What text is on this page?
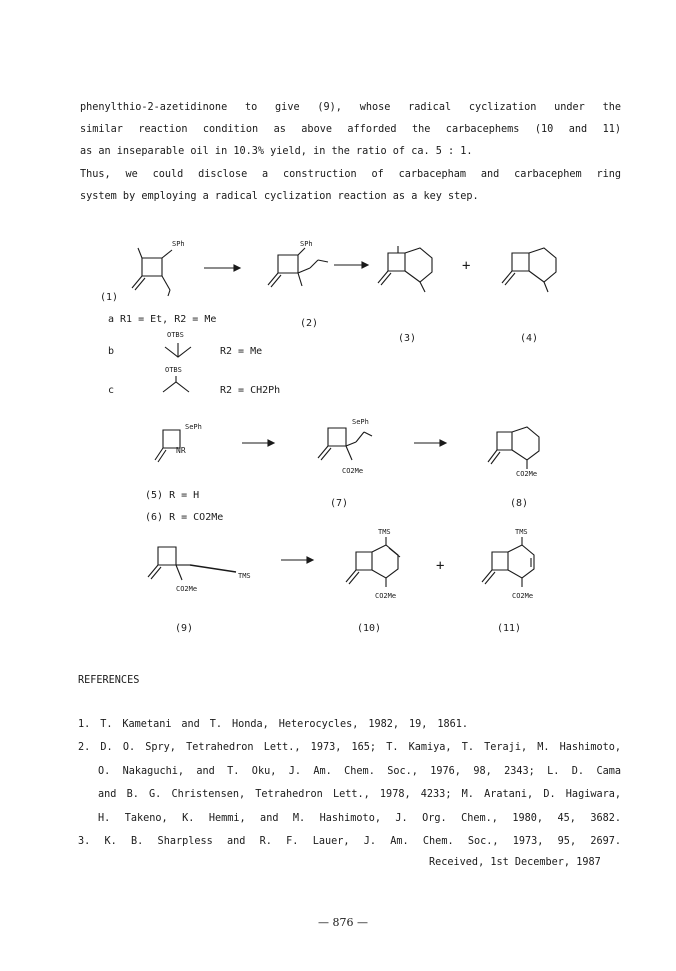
phenylthio-2-azetidinone to give (9), whose radical cyclization under the
similar reaction condition as above afforded the carbacephems (10 and 11)
as an inseparable oil in 10.3% yield, in the ratio of ca. 5 : 1.
Thus, we could disclose a construction of carbacepham and carbacephem ring
system by employing a radical cyclization reaction as a key step.
(1)
(2)
(3)	(4)
a R1 = Et, R2 = Me
b
OTBS
R2 = Me
c
OTBS
R2 = CH2Ph
SPh	SPh
SePh
SePh
NR
TMS
TMS	TMS
CO2Me	CO2Me
CO2Me
CO2Me	CO2Me
+
+
(5) R = H
(6) R = CO2Me
(7)	(8)
(9)	(10)	(11)
REFERENCES
1. T. Kametani and T. Honda, Heterocycles, 1982, 19, 1861.
2. D. O. Spry, Tetrahedron Lett., 1973, 165; T. Kamiya, T. Teraji, M. Hashimoto,
O. Nakaguchi, and T. Oku, J. Am. Chem. Soc., 1976, 98, 2343; L. D. Cama
and B. G. Christensen, Tetrahedron Lett., 1978, 4233; M. Aratani, D. Hagiwara,
H. Takeno, K. Hemmi, and M. Hashimoto, J. Org. Chem., 1980, 45, 3682.
3. K. B. Sharpless and R. F. Lauer, J. Am. Chem. Soc., 1973, 95, 2697.
Received, 1st December, 1987
— 876 —
